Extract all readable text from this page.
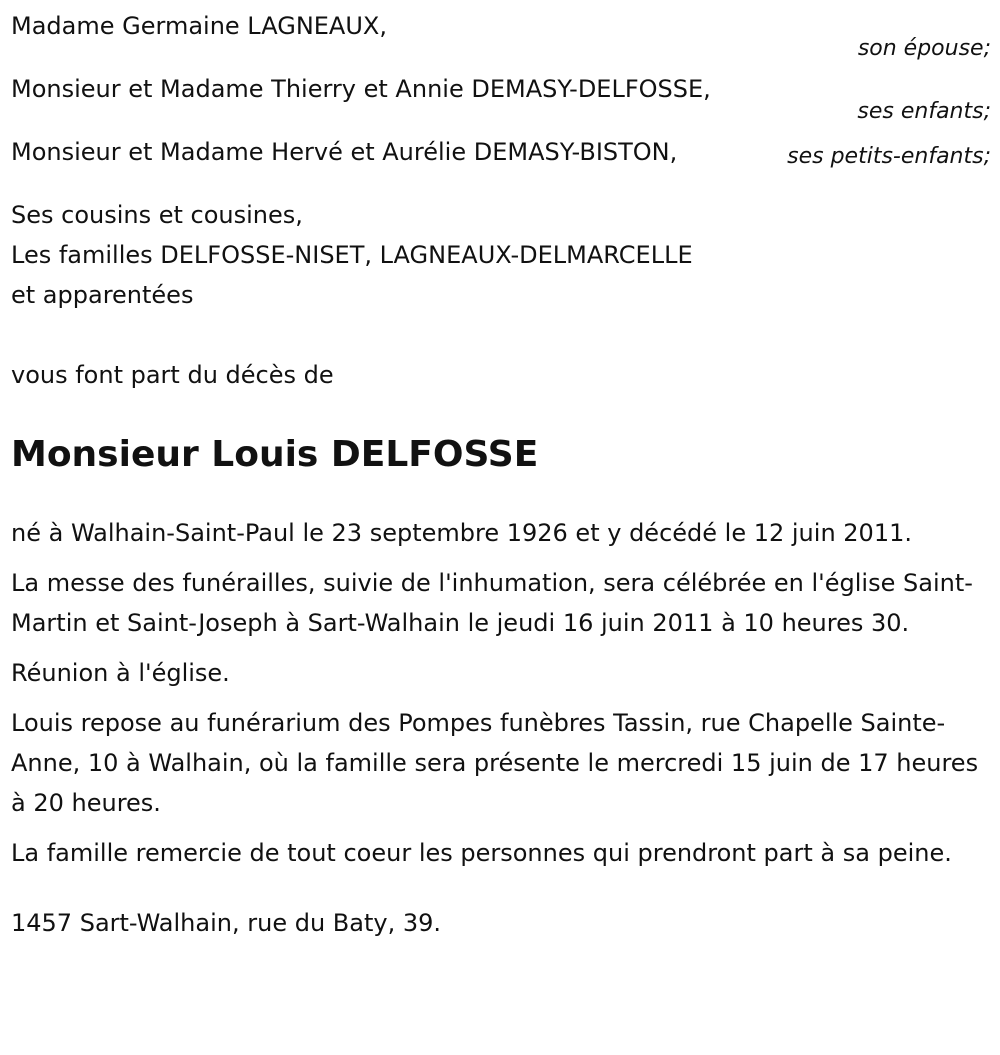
Madame Germaine LAGNEAUX,
son épouse;
Monsieur et Madame Thierry et Annie DEMASY-DELFOSSE,
ses enfants;
Monsieur et Madame Hervé et Aurélie DEMASY-BISTON,	ses petits-enfants;
Ses cousins et cousines,
Les familles DELFOSSE-NISET, LAGNEAUX-DELMARCELLE
et apparentées
vous font part du décès de
Monsieur Louis DELFOSSE
né à Walhain-Saint-Paul le 23 septembre 1926 et y décédé le 12 juin 2011.
La messe des funérailles, suivie de l'inhumation, sera célébrée en l'église Saint-Martin et Saint-Joseph à Sart-Walhain le jeudi 16 juin 2011 à 10 heures 30.
Réunion à l'église.
Louis repose au funérarium des Pompes funèbres Tassin, rue Chapelle Sainte-Anne, 10 à Walhain, où la famille sera présente le mercredi 15 juin de 17 heures à 20 heures.
La famille remercie de tout coeur les personnes qui prendront part à sa peine.
1457 Sart-Walhain, rue du Baty, 39.
